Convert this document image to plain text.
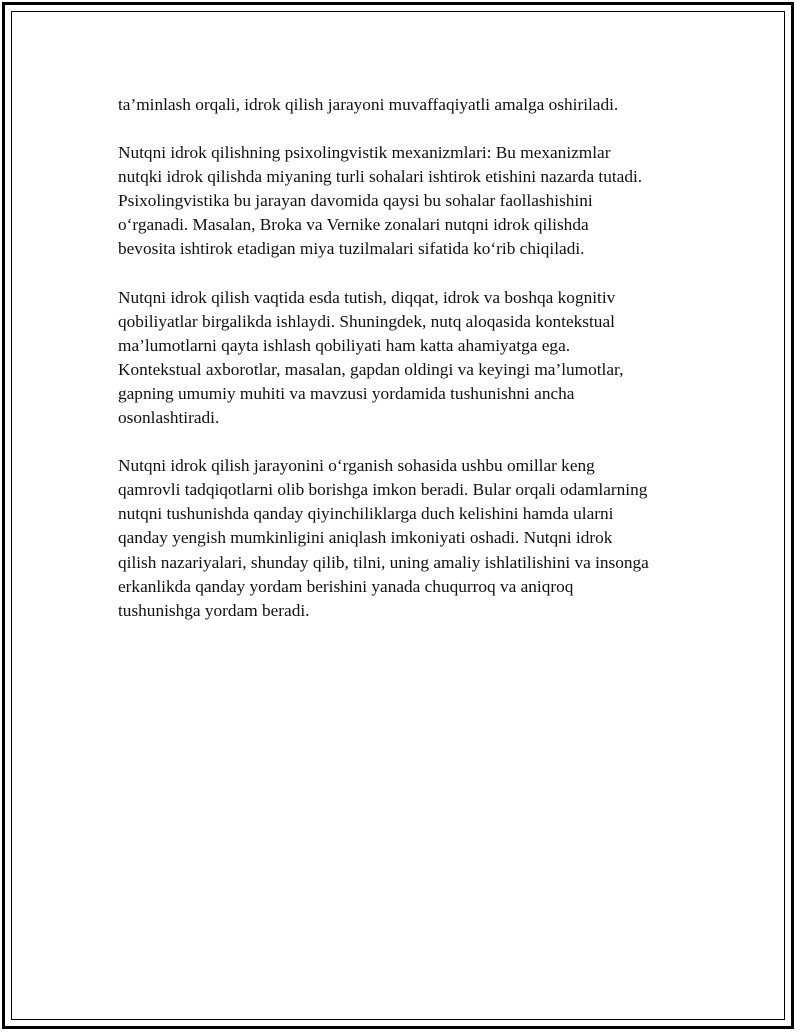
ta’minlash orqali, idrok qilish jarayoni muvaffaqiyatli amalga oshiriladi.

Nutqni idrok qilishning psixolingvistik mexanizmlari: Bu mexanizmlar
nutqki idrok qilishda miyaning turli sohalari ishtirok etishini nazarda tutadi.
Psixolingvistika bu jarayan davomida qaysi bu sohalar faollashishini
o‘rganadi. Masalan, Broka va Vernike zonalari nutqni idrok qilishda
bevosita ishtirok etadigan miya tuzilmalari sifatida ko‘rib chiqiladi.

Nutqni idrok qilish vaqtida esda tutish, diqqat, idrok va boshqa kognitiv
qobiliyatlar birgalikda ishlaydi. Shuningdek, nutq aloqasida kontekstual
ma’lumotlarni qayta ishlash qobiliyati ham katta ahamiyatga ega.
Kontekstual axborotlar, masalan, gapdan oldingi va keyingi ma’lumotlar,
gapning umumiy muhiti va mavzusi yordamida tushunishni ancha
osonlashtiradi.

Nutqni idrok qilish jarayonini o‘rganish sohasida ushbu omillar keng
qamrovli tadqiqotlarni olib borishga imkon beradi. Bular orqali odamlarning
nutqni tushunishda qanday qiyinchiliklarga duch kelishini hamda ularni
qanday yengish mumkinligini aniqlash imkoniyati oshadi. Nutqni idrok
qilish nazariyalari, shunday qilib, tilni, uning amaliy ishlatilishini va insonga
erkanlikda qanday yordam berishini yanada chuqurroq va aniqroq
tushunishga yordam beradi.
